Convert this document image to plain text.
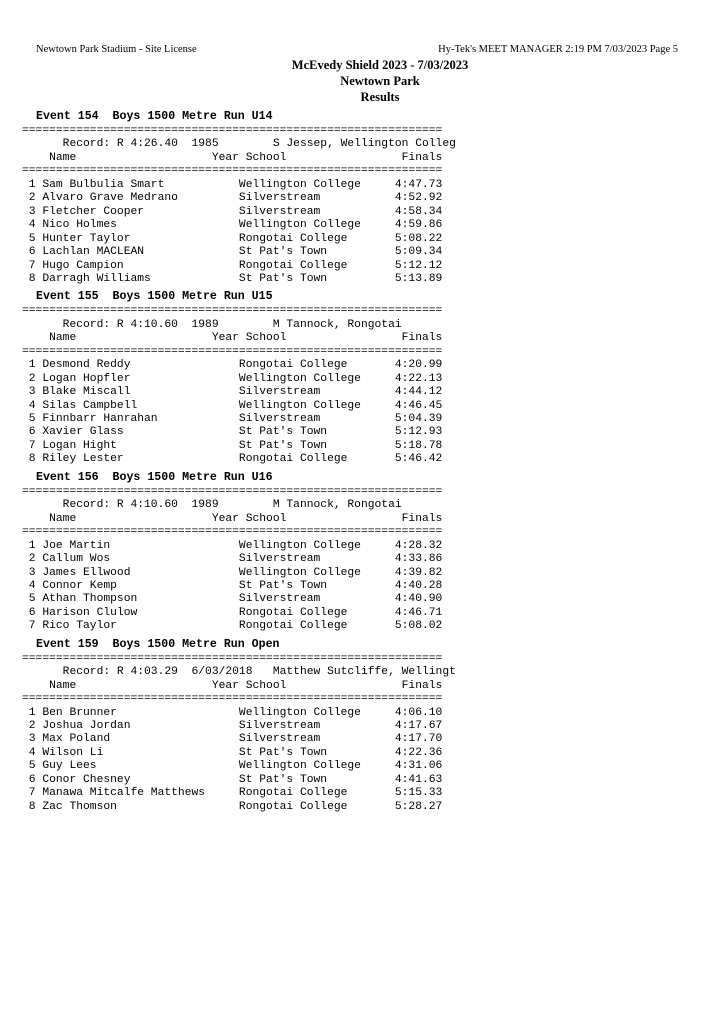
Newtown Park Stadium - Site License	Hy-Tek's MEET MANAGER 2:19 PM 7/03/2023 Page 5
McEvedy Shield 2023 - 7/03/2023
Newtown Park
Results
Event 154  Boys 1500 Metre Run U14
==============================================================
Record: R 4:26.40  1985        S Jessep, Wellington Colleg
Name                    Year School                 Finals
==============================================================
1 Sam Bulbulia Smart           Wellington College     4:47.73
2 Alvaro Grave Medrano         Silverstream           4:52.92
3 Fletcher Cooper              Silverstream           4:58.34
4 Nico Holmes                  Wellington College     4:59.86
5 Hunter Taylor                Rongotai College       5:08.22
6 Lachlan MACLEAN              St Pat's Town          5:09.34
7 Hugo Campion                 Rongotai College       5:12.12
8 Darragh Williams             St Pat's Town          5:13.89
Event 155  Boys 1500 Metre Run U15
==============================================================
Record: R 4:10.60  1989        M Tannock, Rongotai
Name                    Year School                 Finals
==============================================================
1 Desmond Reddy                Rongotai College       4:20.99
2 Logan Hopfler                Wellington College     4:22.13
3 Blake Miscall                Silverstream           4:44.12
4 Silas Campbell               Wellington College     4:46.45
5 Finnbarr Hanrahan            Silverstream           5:04.39
6 Xavier Glass                 St Pat's Town          5:12.93
7 Logan Hight                  St Pat's Town          5:18.78
8 Riley Lester                 Rongotai College       5:46.42
Event 156  Boys 1500 Metre Run U16
==============================================================
Record: R 4:10.60  1989        M Tannock, Rongotai
Name                    Year School                 Finals
==============================================================
1 Joe Martin                   Wellington College     4:28.32
2 Callum Wos                   Silverstream           4:33.86
3 James Ellwood                Wellington College     4:39.82
4 Connor Kemp                  St Pat's Town          4:40.28
5 Athan Thompson               Silverstream           4:40.90
6 Harison Clulow               Rongotai College       4:46.71
7 Rico Taylor                  Rongotai College       5:08.02
Event 159  Boys 1500 Metre Run Open
==============================================================
Record: R 4:03.29  6/03/2018   Matthew Sutcliffe, Wellingt
Name                    Year School                 Finals
==============================================================
1 Ben Brunner                  Wellington College     4:06.10
2 Joshua Jordan                Silverstream           4:17.67
3 Max Poland                   Silverstream           4:17.70
4 Wilson Li                    St Pat's Town          4:22.36
5 Guy Lees                     Wellington College     4:31.06
6 Conor Chesney                St Pat's Town          4:41.63
7 Manawa Mitcalfe Matthews     Rongotai College       5:15.33
8 Zac Thomson                  Rongotai College       5:28.27
